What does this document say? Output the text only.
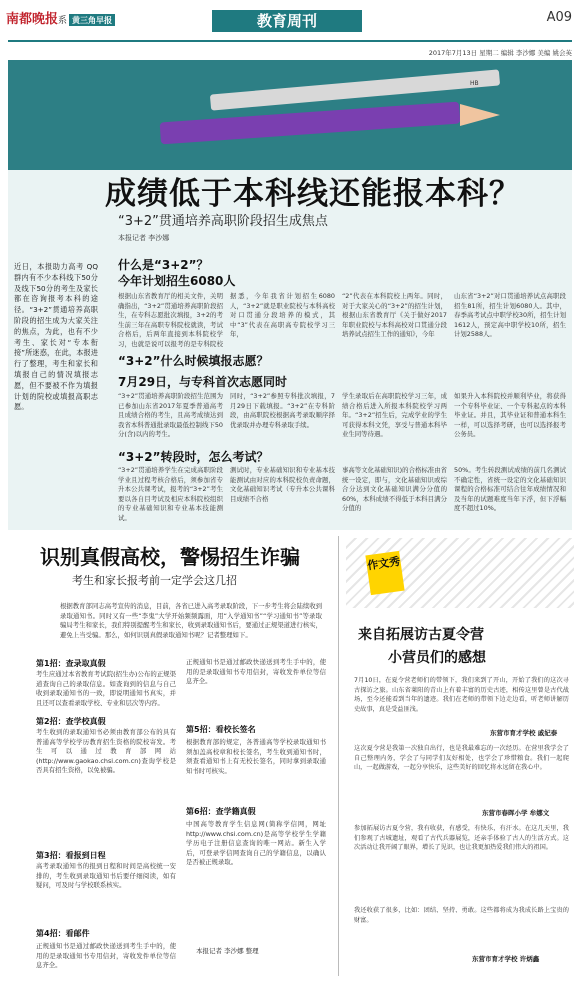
南都晚报系 黄三角早报	教育周刊	A09
2017年7月13日 星期二 编辑 李沙娜 美编 姚会英
HB
成绩低于本科线还能报本科？
“3+2”贯通培养高职阶段招生成焦点
本报记者 李沙娜
近日，本报助力高考 QQ群内有不少本科线下50分及线下50分的考生及家长都在咨询报考本科的途径。“3+2”贯通培养高职阶段的招生成为大家关注的焦点，为此，也有不少考生、家长对“专本衔接”所迷惑，在此，本报进行了整理，考生和家长和填报自己的情况填报志愿，但不要被不作为填报计划的院校或填报高职志愿。
什么是“3+2”？
今年计划招生6080人
根据山东省教育厅的相关文件，关明确指出，“3+2”贯通培养高职阶段招生，在专科志愿批次填报，3+2的考生前三年在高职专科院校就读，考试合格后，后两年直接到本科院校学习，也就是说可以报考的是专科院校
据悉，今年我省计划招生6080人，“3+2”就是职业院校与本科高校对口贯通分段培养的模式，其中“3”代表在高职高专院校学习三年，
“2”代表在本科院校上两年。同时，对于大家关心的“3+2”的招生计划，根据山东省教育厅《关于做好2017年职业院校与本科高校对口贯通分段培养试点招生工作的通知》，今年
山东省“3+2”对口贯通培养试点高职段招生81所，招生计划6080人。其中，春季高考试点中职学校30所，招生计划1612人，预定高中职学校10所，招生计划2588人。
“3+2”什么时候填报志愿？
7月29日，与专科首次志愿同时
“3+2”贯通培养高职阶段招生范围为已参加山东省2017年夏季普通高考且成绩合格的考生，且高考成绩达到我省本科普通批录取最低控制线下50分(含)以内的考生。
同时，“3+2”参照专科批次填报，7月29日下载填报。“3+2”在专科阶段，由高职院校根据高考录取顺序择优录取并办理专科录取手续。
学生录取后在高职院校学习三年，成绩合格后进入所报本科院校学习两年。“3+2”招生后，完成学业的学生可获得本科文凭，享受与普通本科毕业生同等待遇。
如果升入本科院校并顺利毕业，将获得一个专科毕业证、一个专科起点的本科毕业证。并且，其毕业证和普通本科生一样，可以选择考研，也可以选择报考公务员。
“3+2”转段时，怎么考试？
“3+2”贯通培养学生在完成高职阶段学业且过程考核合格后，须参加省专升本公共课考试，报考的“3+2”考生要以各自目考试及相应本科院校组织的专业基础知识和专业基本技能测试。
测试时，专业基础知识和专业基本技能测试由对应的本科院校负责命题，文化基础知识考试（专升本公共课科目成绩不合格
事高等文化基础知识)的合格标准由省统一设定，即与，文化基础知识或综合分达到文化基础知识满分分值的60%，本科成绩不得低于本科目满分分值的
50%。考生转段测试成绩的前几名测试不确定性，省统一设定的文化基础知识课程的合格标准可结合往年成绩情况和及当年的试题难度当年下浮，但下浮幅度不超过10%。
识别真假高校，警惕招生诈骗
考生和家长报考前一定学会这几招
根据教育部同志高考宣传的消息，目前，各省已进入高考录取阶段，下一步考生将会陆续收到录取通知书。同时又有一些“李鬼”大学开始频频露面，用“入学通知书”“学习通知书”等录取骗局考生和家长，我们特别提醒考生和家长，收到录取通知书后，要通过正规渠道进行核实，避免上当受骗。那么，如何识别真假录取通知书呢？记者整理如下。
第1招：查录取真假
考生应通过本省教育考试院(招生办)公布的正规渠道查询自己的录取信息。如查询到的信息与自己收到录取通知书的一致，即说明通知书真实，并且还可以查看录取学校、专业和层次等内容。
第2招：查学校真假
考生收到的录取通知书必须由教育部公布的具有普通高等学校学历教育招生资格的院校寄发。考生可以通过教育部网站(http://www.gaokao.chsi.com.cn)查询学校是否具有招生资格，以免被骗。
第3招：看报到日程
高考录取通知书的报到日程和时间是高校统一安排的，考生收到录取通知书后要仔细阅读，如有疑问，可及时与学校联系核实。
第4招：看邮件
正规通知书是通过邮政快递送到考生手中的，使用的是录取通知书专用信封，寄收发件单位等信息齐全。
正规通知书是通过邮政快递送到考生手中的，使用的是录取通知书专用信封，寄收发件单位等信息齐全。
第5招：看校长签名
根据教育部的规定，各普通高等学校录取通知书须加盖高校章和校长签名，考生收到通知书时，须查看通知书上有无校长签名，同时拿到录取通知书时可核实。
第6招：查学籍真假
中国高等教育学生信息网(简称学信网，网址http://www.chsi.com.cn)是高等学校学生学籍学历电子注册信息查询的唯一网站。新生入学后，可登录学信网查询自己的学籍信息，以确认是否被正规录取。
本报记者 李沙娜 整理
作文秀
来自拓展访古夏令营
小营员们的感想
7月10日，在夏令营老师们的带领下，我们来到了开山，开始了我们的这次寻古探访之旅。山东省莱阳的青山上有着丰富的历史古迹，相传这里曾是古代战场，至今还能看到当年的遗迹。我们在老师的带领下边走边看，听老师讲解历史故事，真是受益匪浅。
东营市育才学校 戚妃泰
这次夏令营是我第一次独自出行，也是我最难忘的一次经历。在营里我学会了自己整理内务，学会了与同学们友好相处，也学会了珍惜粮食。我们一起爬山，一起做游戏，一起分享快乐，这些美好的回忆将永远留在我心中。
东营市春晖小学 牟娜文
参加拓展访古夏令营，我有收获，有感受，有快乐，有汗水。在这几天里，我们参观了古城遗址，观看了古代兵器展览，还亲手体验了古人的生活方式。这次活动让我开阔了眼界，增长了见识，也让我更加热爱我们伟大的祖国。
我还收获了很多，比如：团结、坚持、勇敢。这些都将成为我成长路上宝贵的财富。
东营市育才学校 许炳鑫
